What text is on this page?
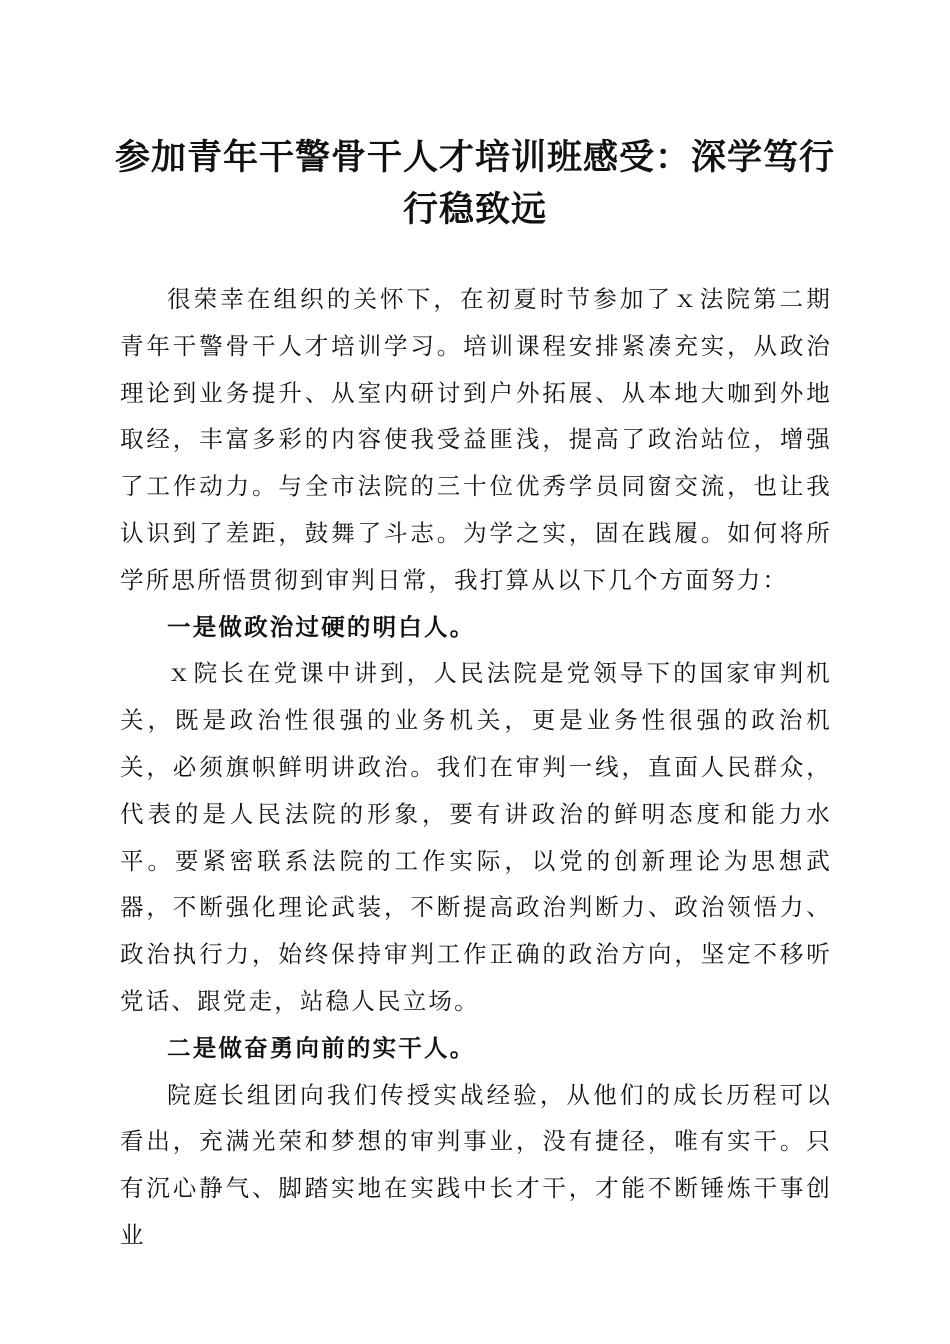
参加青年干警骨干人才培训班感受：深学笃行行稳致远

很荣幸在组织的关怀下，在初夏时节参加了ｘ法院第二期青年干警骨干人才培训学习。培训课程安排紧凑充实，从政治理论到业务提升、从室内研讨到户外拓展、从本地大咖到外地取经，丰富多彩的内容使我受益匪浅，提高了政治站位，增强了工作动力。与全市法院的三十位优秀学员同窗交流，也让我认识到了差距，鼓舞了斗志。为学之实，固在践履。如何将所学所思所悟贯彻到审判日常，我打算从以下几个方面努力：

一是做政治过硬的明白人。

ｘ院长在党课中讲到，人民法院是党领导下的国家审判机关，既是政治性很强的业务机关，更是业务性很强的政治机关，必须旗帜鲜明讲政治。我们在审判一线，直面人民群众，代表的是人民法院的形象，要有讲政治的鲜明态度和能力水平。要紧密联系法院的工作实际，以党的创新理论为思想武器，不断强化理论武装，不断提高政治判断力、政治领悟力、政治执行力，始终保持审判工作正确的政治方向，坚定不移听党话、跟党走，站稳人民立场。

二是做奋勇向前的实干人。

院庭长组团向我们传授实战经验，从他们的成长历程可以看出，充满光荣和梦想的审判事业，没有捷径，唯有实干。只有沉心静气、脚踏实地在实践中长才干，才能不断锤炼干事创业
